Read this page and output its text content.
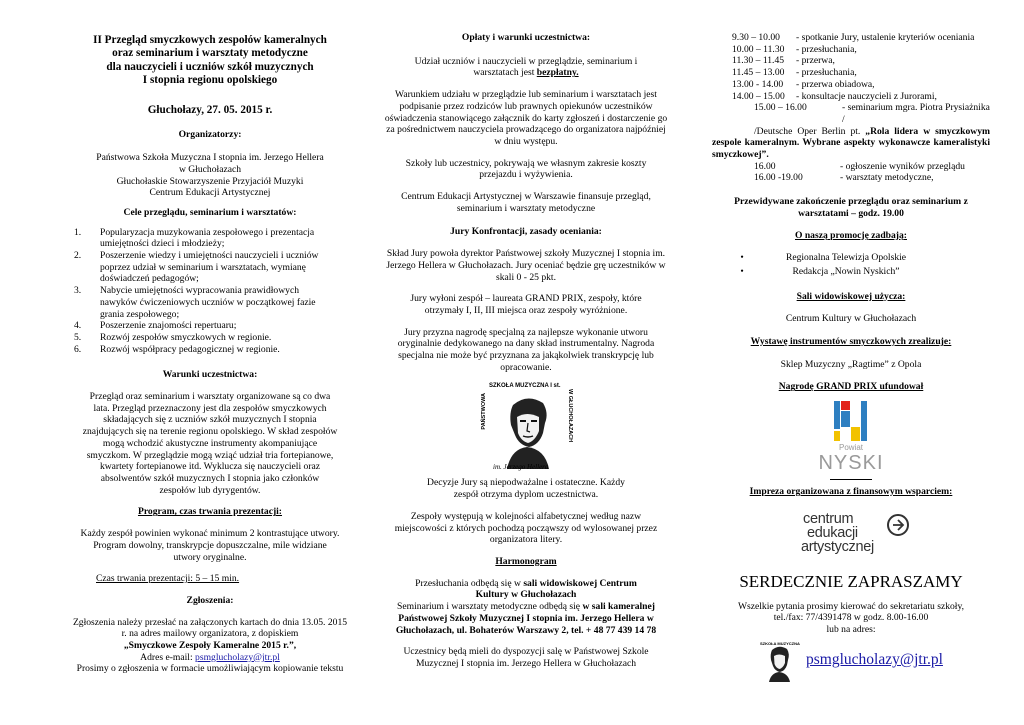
II Przegląd smyczkowych zespołów kameralnych
oraz seminarium i warsztaty metodyczne
dla nauczycieli i uczniów szkół muzycznych
I stopnia regionu opolskiego
Głuchołazy, 27. 05. 2015 r.
Organizatorzy:
Państwowa Szkoła Muzyczna I stopnia im. Jerzego Hellera
w Głuchołazach
Głuchołaskie Stowarzyszenie Przyjaciół Muzyki
Centrum Edukacji Artystycznej
Cele przeglądu, seminarium i warsztatów:
1.	Popularyzacja muzykowania zespołowego i prezentacja umiejętności dzieci i młodzieży;
2.	Poszerzenie wiedzy i umiejętności nauczycieli i uczniów poprzez udział w seminarium i warsztatach, wymianę doświadczeń pedagogów;
3.	Nabycie umiejętności wypracowania prawidłowych nawyków ćwiczeniowych uczniów w początkowej fazie grania zespołowego;
4.	Poszerzenie znajomości repertuaru;
5.	Rozwój zespołów smyczkowych w regionie.
6.	Rozwój współpracy pedagogicznej w regionie.
Warunki uczestnictwa:

Przegląd oraz seminarium i warsztaty organizowane są co dwa lata. Przegląd przeznaczony jest dla zespołów smyczkowych składających się z uczniów szkół muzycznych I stopnia znajdujących się na terenie regionu opolskiego. W skład zespołów mogą wchodzić akustyczne instrumenty akompaniujące smyczkom. W przeglądzie mogą wziąć udział tria fortepianowe, kwartety fortepianowe itd. Wyklucza się nauczycieli oraz absolwentów szkół muzycznych I stopnia jako członków zespołów lub dyrygentów.

Program, czas trwania prezentacji:

Każdy zespół powinien wykonać minimum 2 kontrastujące utwory. Program dowolny, transkrypcje dopuszczalne, mile widziane utwory oryginalne.

Czas trwania prezentacji: 5 – 15 min.
Zgłoszenia:

Zgłoszenia należy przesłać na załączonych kartach do dnia 13.05. 2015 r. na adres mailowy organizatora, z dopiskiem

„Smyczkowe Zespoły Kameralne 2015 r.”,

Adres e-mail: psmglucholazy@jtr.pl

Prosimy o zgłoszenia w formacie umożliwiającym kopiowanie tekstu

Opłaty i warunki uczestnictwa:

Udział uczniów i nauczycieli w przeglądzie, seminarium i warsztatach jest bezpłatny.

Warunkiem udziału w przeglądzie lub seminarium i warsztatach jest podpisanie przez rodziców lub prawnych opiekunów uczestników oświadczenia stanowiącego załącznik do karty zgłoszeń i dostarczenie go za pośrednictwem nauczyciela prowadzącego do organizatora najpóźniej w dniu występu.

Szkoły lub uczestnicy, pokrywają we własnym zakresie koszty przejazdu i wyżywienia.

Centrum Edukacji Artystycznej w Warszawie finansuje przegląd, seminarium i warsztaty metodyczne

Jury Konfrontacji, zasady oceniania:

Skład Jury powoła dyrektor Państwowej szkoły Muzycznej I stopnia im. Jerzego Hellera w Głuchołazach. Jury oceniać będzie grę uczestników w skali 0 - 25 pkt.

Jury wyłoni zespół – laureata GRAND PRIX, zespoły, które otrzymały I, II, III miejsca oraz zespoły wyróżnione.

Jury przyzna nagrodę specjalną za najlepsze wykonanie utworu oryginalnie dedykowanego na dany skład instrumentalny. Nagroda specjalna nie może być przyznana za jakąkolwiek transkrypcję lub opracowanie.

SZKOŁA MUZYCZNA I st.
PAŃSTWOWA	W GŁUCHOŁAZACH
im. Jerzego Hellera

Decyzje Jury są niepodważalne i ostateczne. Każdy zespół otrzyma dyplom uczestnictwa.

Zespoły występują w kolejności alfabetycznej według nazw miejscowości z których pochodzą począwszy od wylosowanej przez organizatora litery.

Harmonogram

Przesłuchania odbędą się w sali widowiskowej Centrum Kultury w Głuchołazach

Seminarium i warsztaty metodyczne odbędą się w sali kameralnej Państwowej Szkoły Muzycznej I stopnia im. Jerzego Hellera w Głuchołazach, ul. Bohaterów Warszawy 2, tel. + 48 77 439 14 78

Uczestnicy będą mieli do dyspozycji salę w Państwowej Szkole Muzycznej I stopnia im. Jerzego Hellera w Głuchołazach

9.30 – 10.00	- spotkanie Jury, ustalenie kryteriów oceniania
10.00 – 11.30	- przesłuchania,
11.30 – 11.45	- przerwa,
11.45 – 13.00	- przesłuchania,
13.00 - 14.00	- przerwa obiadowa,
14.00 – 15.00	- konsultacje nauczycieli z Jurorami,
15.00 – 16.00	- seminarium mgra. Piotra Prysiażnika /

/Deutsche Oper Berlin pt. „Rola lidera w smyczkowym zespole kameralnym. Wybrane aspekty wykonawcze kameralistyki smyczkowej”.

16.00	- ogłoszenie wyników przeglądu
16.00 -19.00	- warsztaty metodyczne,

Przewidywane zakończenie przeglądu oraz seminarium z warsztatami – godz. 19.00

O naszą promocję zadbają:
•	Regionalna Telewizja Opolskie
•	Redakcja „Nowin Nyskich”
Sali widowiskowej użycza:
Centrum Kultury w Głuchołazach
Wystawę instrumentów smyczkowych zrealizuje:
Sklep Muzyczny „Ragtime” z Opola
Nagrodę GRAND PRIX ufundował
Powiat
NYSKI
Impreza organizowana z finansowym wsparciem:
centrum
edukacji
artystycznej
SERDECZNIE ZAPRASZAMY

Wszelkie pytania prosimy kierować do sekretariatu szkoły, tel./fax: 77/4391478 w godz. 8.00-16.00

lub na adres:

SZKOŁA MUZYCZNA
psmglucholazy@jtr.pl
